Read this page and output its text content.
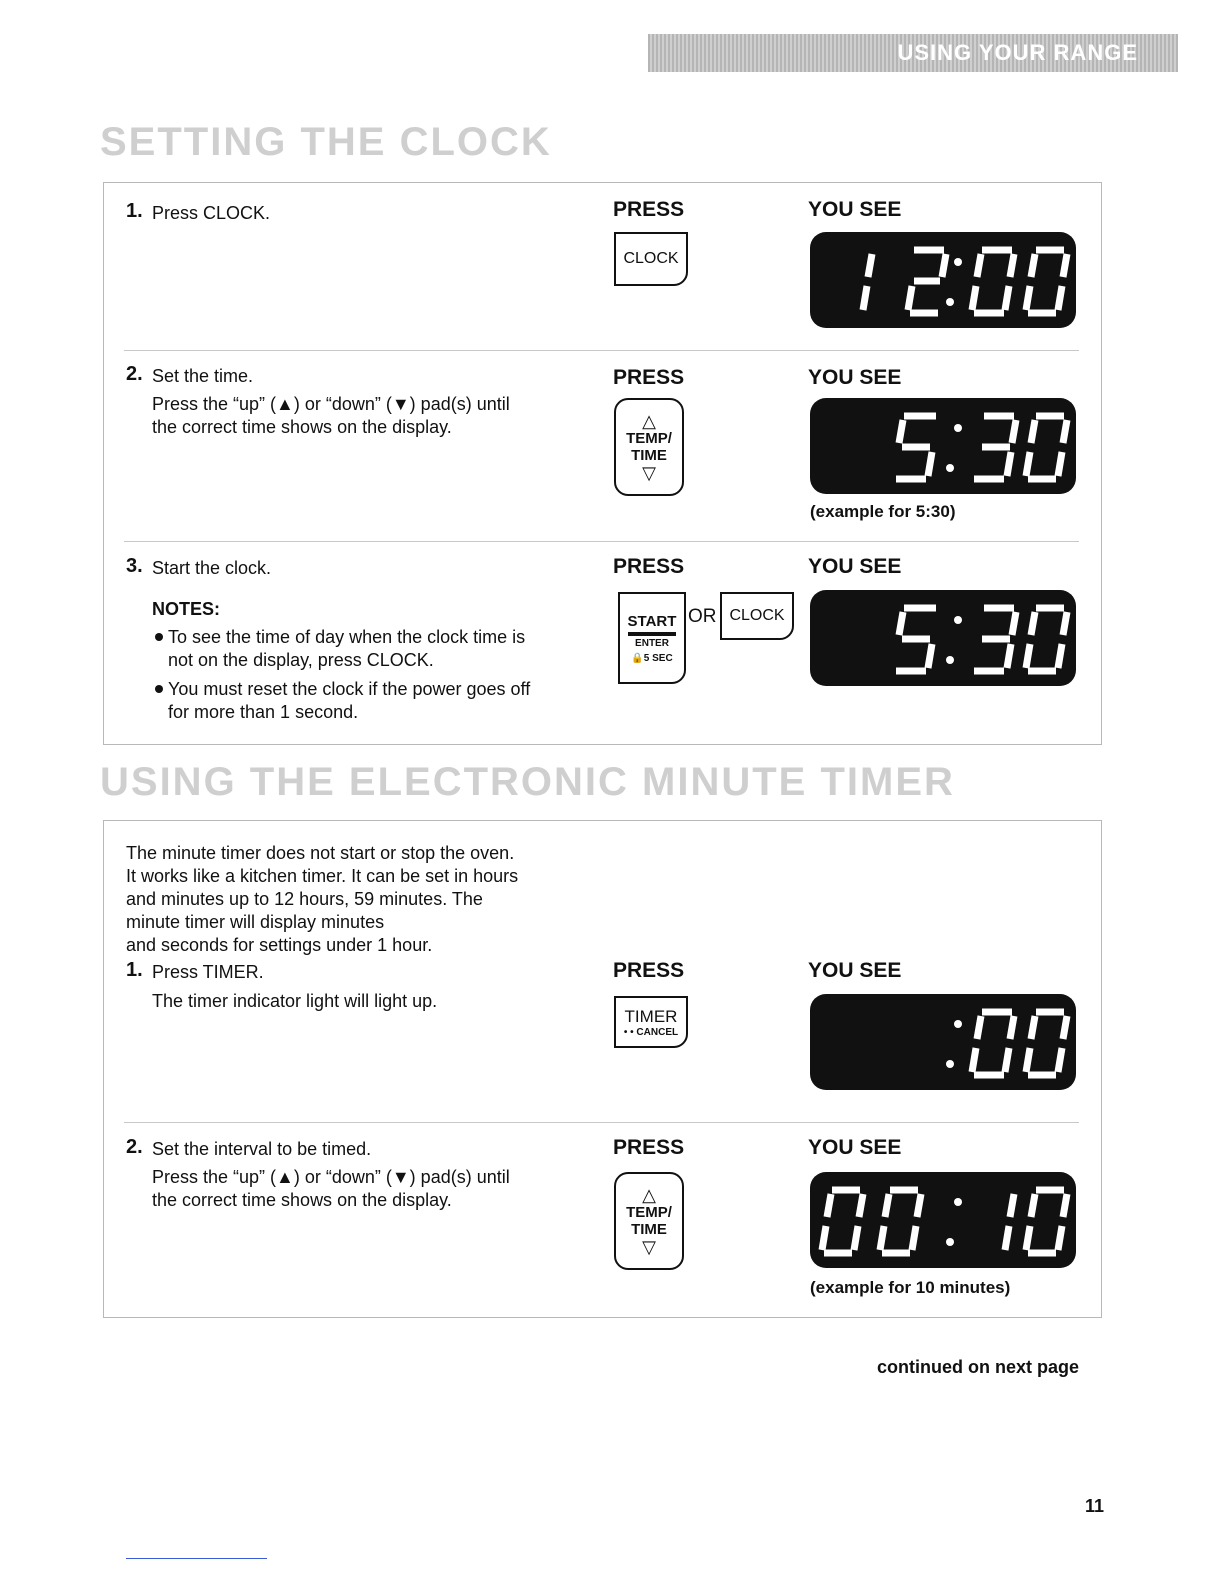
USING YOUR RANGE
SETTING THE CLOCK
1. Press CLOCK.	PRESS	YOU SEE
CLOCK
2. Set the time.
Press the “up” (▲) or “down” (▼) pad(s) until
the correct time shows on the display.
PRESS	YOU SEE
△
TEMP/
TIME
▽
(example for 5:30)
3. Start the clock.	PRESS	YOU SEE
NOTES:
To see the time of day when the clock time is
not on the display, press CLOCK.
You must reset the clock if the power goes off
for more than 1 second.
START
ENTER
🔒5 SEC
OR CLOCK
USING THE ELECTRONIC MINUTE TIMER
The minute timer does not start or stop the oven.
It works like a kitchen timer. It can be set in hours
and minutes up to 12 hours, 59 minutes. The
minute timer will display minutes
and seconds for settings under 1 hour.
1. Press TIMER.
The timer indicator light will light up.
PRESS	YOU SEE
TIMER
• • CANCEL
2. Set the interval to be timed.
Press the “up” (▲) or “down” (▼) pad(s) until
the correct time shows on the display.
PRESS	YOU SEE
△
TEMP/
TIME
▽
(example for 10 minutes)
continued on next page
11
